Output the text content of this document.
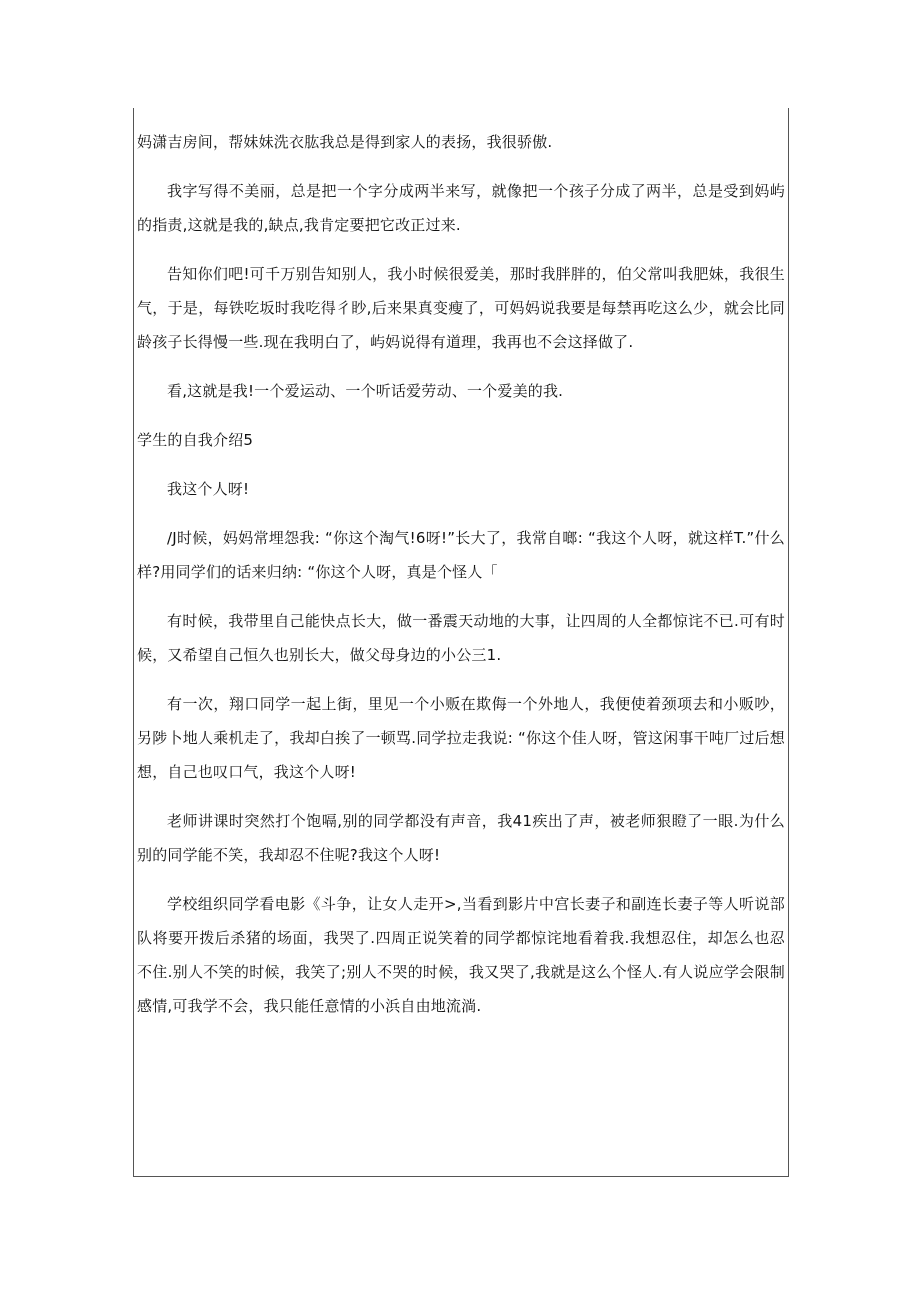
妈潇吉房间，帮妹妹洗衣肱我总是得到家人的表扬，我很骄傲.

我字写得不美丽，总是把一个字分成两半来写，就像把一个孩子分成了两半，总是受到妈屿的指责,这就是我的,缺点,我肯定要把它改正过来.

告知你们吧!可千万别告知别人，我小时候很爱美，那时我胖胖的，伯父常叫我肥妹，我很生气，于是，每铁吃坂时我吃得彳眇,后来果真变瘦了，可妈妈说我要是每禁再吃这么少，就会比同龄孩子长得慢一些.现在我明白了，屿妈说得有道理，我再也不会这择做了.

看,这就是我!一个爱运动、一个听话爱劳动、一个爱美的我.

学生的自我介绍5

我这个人呀!

/J时候，妈妈常埋怨我: “你这个淘气!6呀!”长大了，我常自啷: “我这个人呀，就这样T.”什么样?用同学们的话来归纳: “你这个人呀，真是个怪人「

有时候，我带里自己能快点长大，做一番震天动地的大事，让四周的人全都惊诧不已.可有时候，又希望自己恒久也别长大，做父母身边的小公三1.

有一次，翔口同学一起上街，里见一个小贩在欺侮一个外地人，我便使着颈项去和小贩吵，另陟卜地人乘机走了，我却白挨了一顿骂.同学拉走我说: “你这个佳人呀，管这闲事干吨厂过后想想，自己也叹口气，我这个人呀!

老师讲课时突然打个饱嗝,别的同学都没有声音，我41疾出了声，被老师狠瞪了一眼.为什么别的同学能不笑，我却忍不住呢?我这个人呀!

学校组织同学看电影《斗争，让女人走开>,当看到影片中宫长妻子和副连长妻子等人听说部队将要开拨后杀猪的场面，我哭了.四周正说笑着的同学都惊诧地看着我.我想忍住，却怎么也忍不住.别人不笑的时候，我笑了;别人不哭的时候，我又哭了,我就是这么个怪人.有人说应学会限制感情,可我学不会，我只能任意情的小浜自由地流淌.
